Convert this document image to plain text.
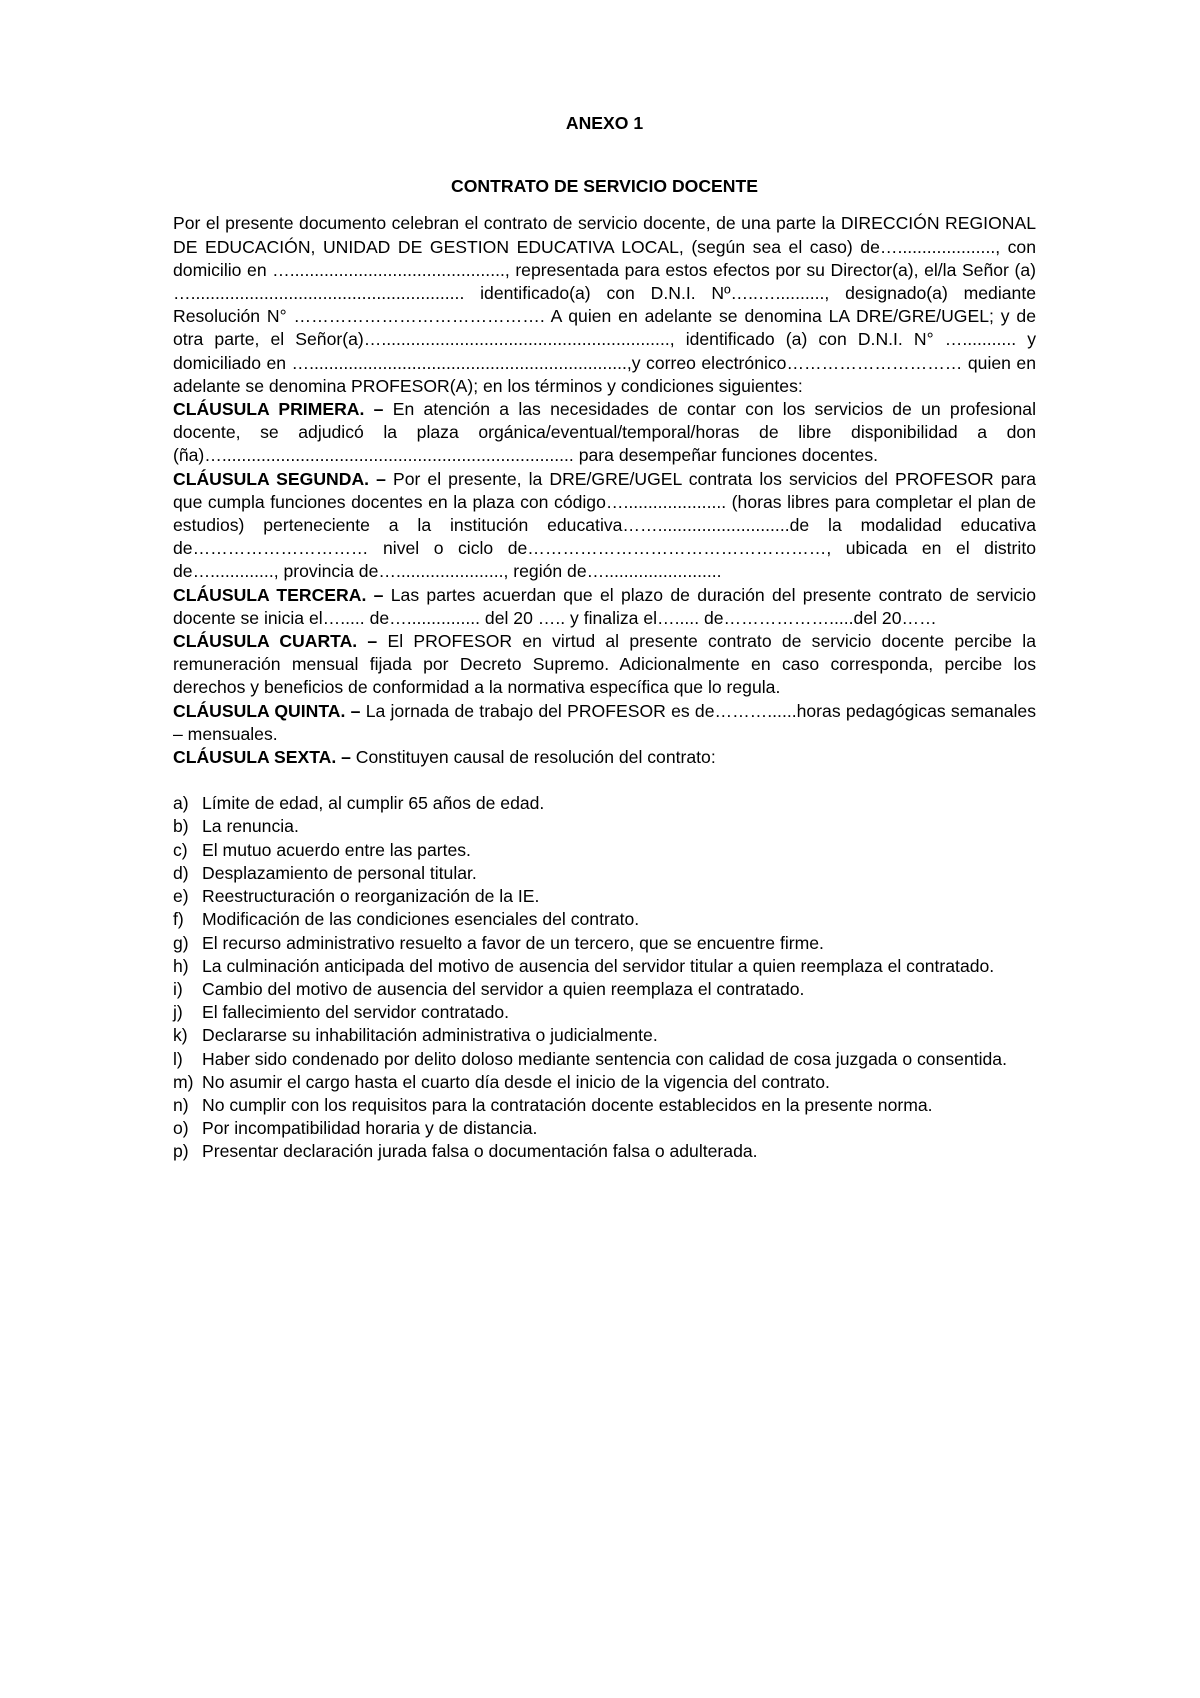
ANEXO 1

CONTRATO DE SERVICIO DOCENTE

Por el presente documento celebran el contrato de servicio docente, de una parte la DIRECCIÓN REGIONAL DE EDUCACIÓN, UNIDAD DE GESTION EDUCATIVA LOCAL, (según sea el caso) de…...................., con domicilio en …............................................, representada para estos efectos por su Director(a), el/la Señor (a) …........................................................ identificado(a) con D.N.I. Nº…..….........., designado(a) mediante Resolución N° ……………………………………. A quien en adelante se denomina LA DRE/GRE/UGEL; y de otra parte, el Señor(a)…..........................................................., identificado (a) con D.N.I. N° …........... y domiciliado en ….................................................................,y correo electrónico………………………… quien en adelante se denomina PROFESOR(A); en los términos y condiciones siguientes:

CLÁUSULA PRIMERA. – En atención a las necesidades de contar con los servicios de un profesional docente, se adjudicó la plaza orgánica/eventual/temporal/horas de libre disponibilidad a don (ña)…........................................................................ para desempeñar funciones docentes.

CLÁUSULA SEGUNDA. – Por el presente, la DRE/GRE/UGEL contrata los servicios del PROFESOR para que cumpla funciones docentes en la plaza con código…..................... (horas libres para completar el plan de estudios) perteneciente a la institución educativa……...........................de la modalidad educativa de………………………… nivel o ciclo de……………………………………………, ubicada en el distrito de…............., provincia de…......................, región de…........................

CLÁUSULA TERCERA. – Las partes acuerdan que el plazo de duración del presente contrato de servicio docente se inicia el…..... de…............... del 20 ….. y finaliza el…..... de……………….....del 20……

CLÁUSULA CUARTA. – El PROFESOR en virtud al presente contrato de servicio docente percibe la remuneración mensual fijada por Decreto Supremo. Adicionalmente en caso corresponda, percibe los derechos y beneficios de conformidad a la normativa específica que lo regula.

CLÁUSULA QUINTA. – La jornada de trabajo del PROFESOR es de………......horas pedagógicas semanales – mensuales.

CLÁUSULA SEXTA. – Constituyen causal de resolución del contrato:

a) Límite de edad, al cumplir 65 años de edad.
b) La renuncia.
c) El mutuo acuerdo entre las partes.
d) Desplazamiento de personal titular.
e) Reestructuración o reorganización de la IE.
f) Modificación de las condiciones esenciales del contrato.
g) El recurso administrativo resuelto a favor de un tercero, que se encuentre firme.
h) La culminación anticipada del motivo de ausencia del servidor titular a quien reemplaza el contratado.
i) Cambio del motivo de ausencia del servidor a quien reemplaza el contratado.
j) El fallecimiento del servidor contratado.
k) Declararse su inhabilitación administrativa o judicialmente.
l) Haber sido condenado por delito doloso mediante sentencia con calidad de cosa juzgada o consentida.
m) No asumir el cargo hasta el cuarto día desde el inicio de la vigencia del contrato.
n) No cumplir con los requisitos para la contratación docente establecidos en la presente norma.
o) Por incompatibilidad horaria y de distancia.
p) Presentar declaración jurada falsa o documentación falsa o adulterada.
